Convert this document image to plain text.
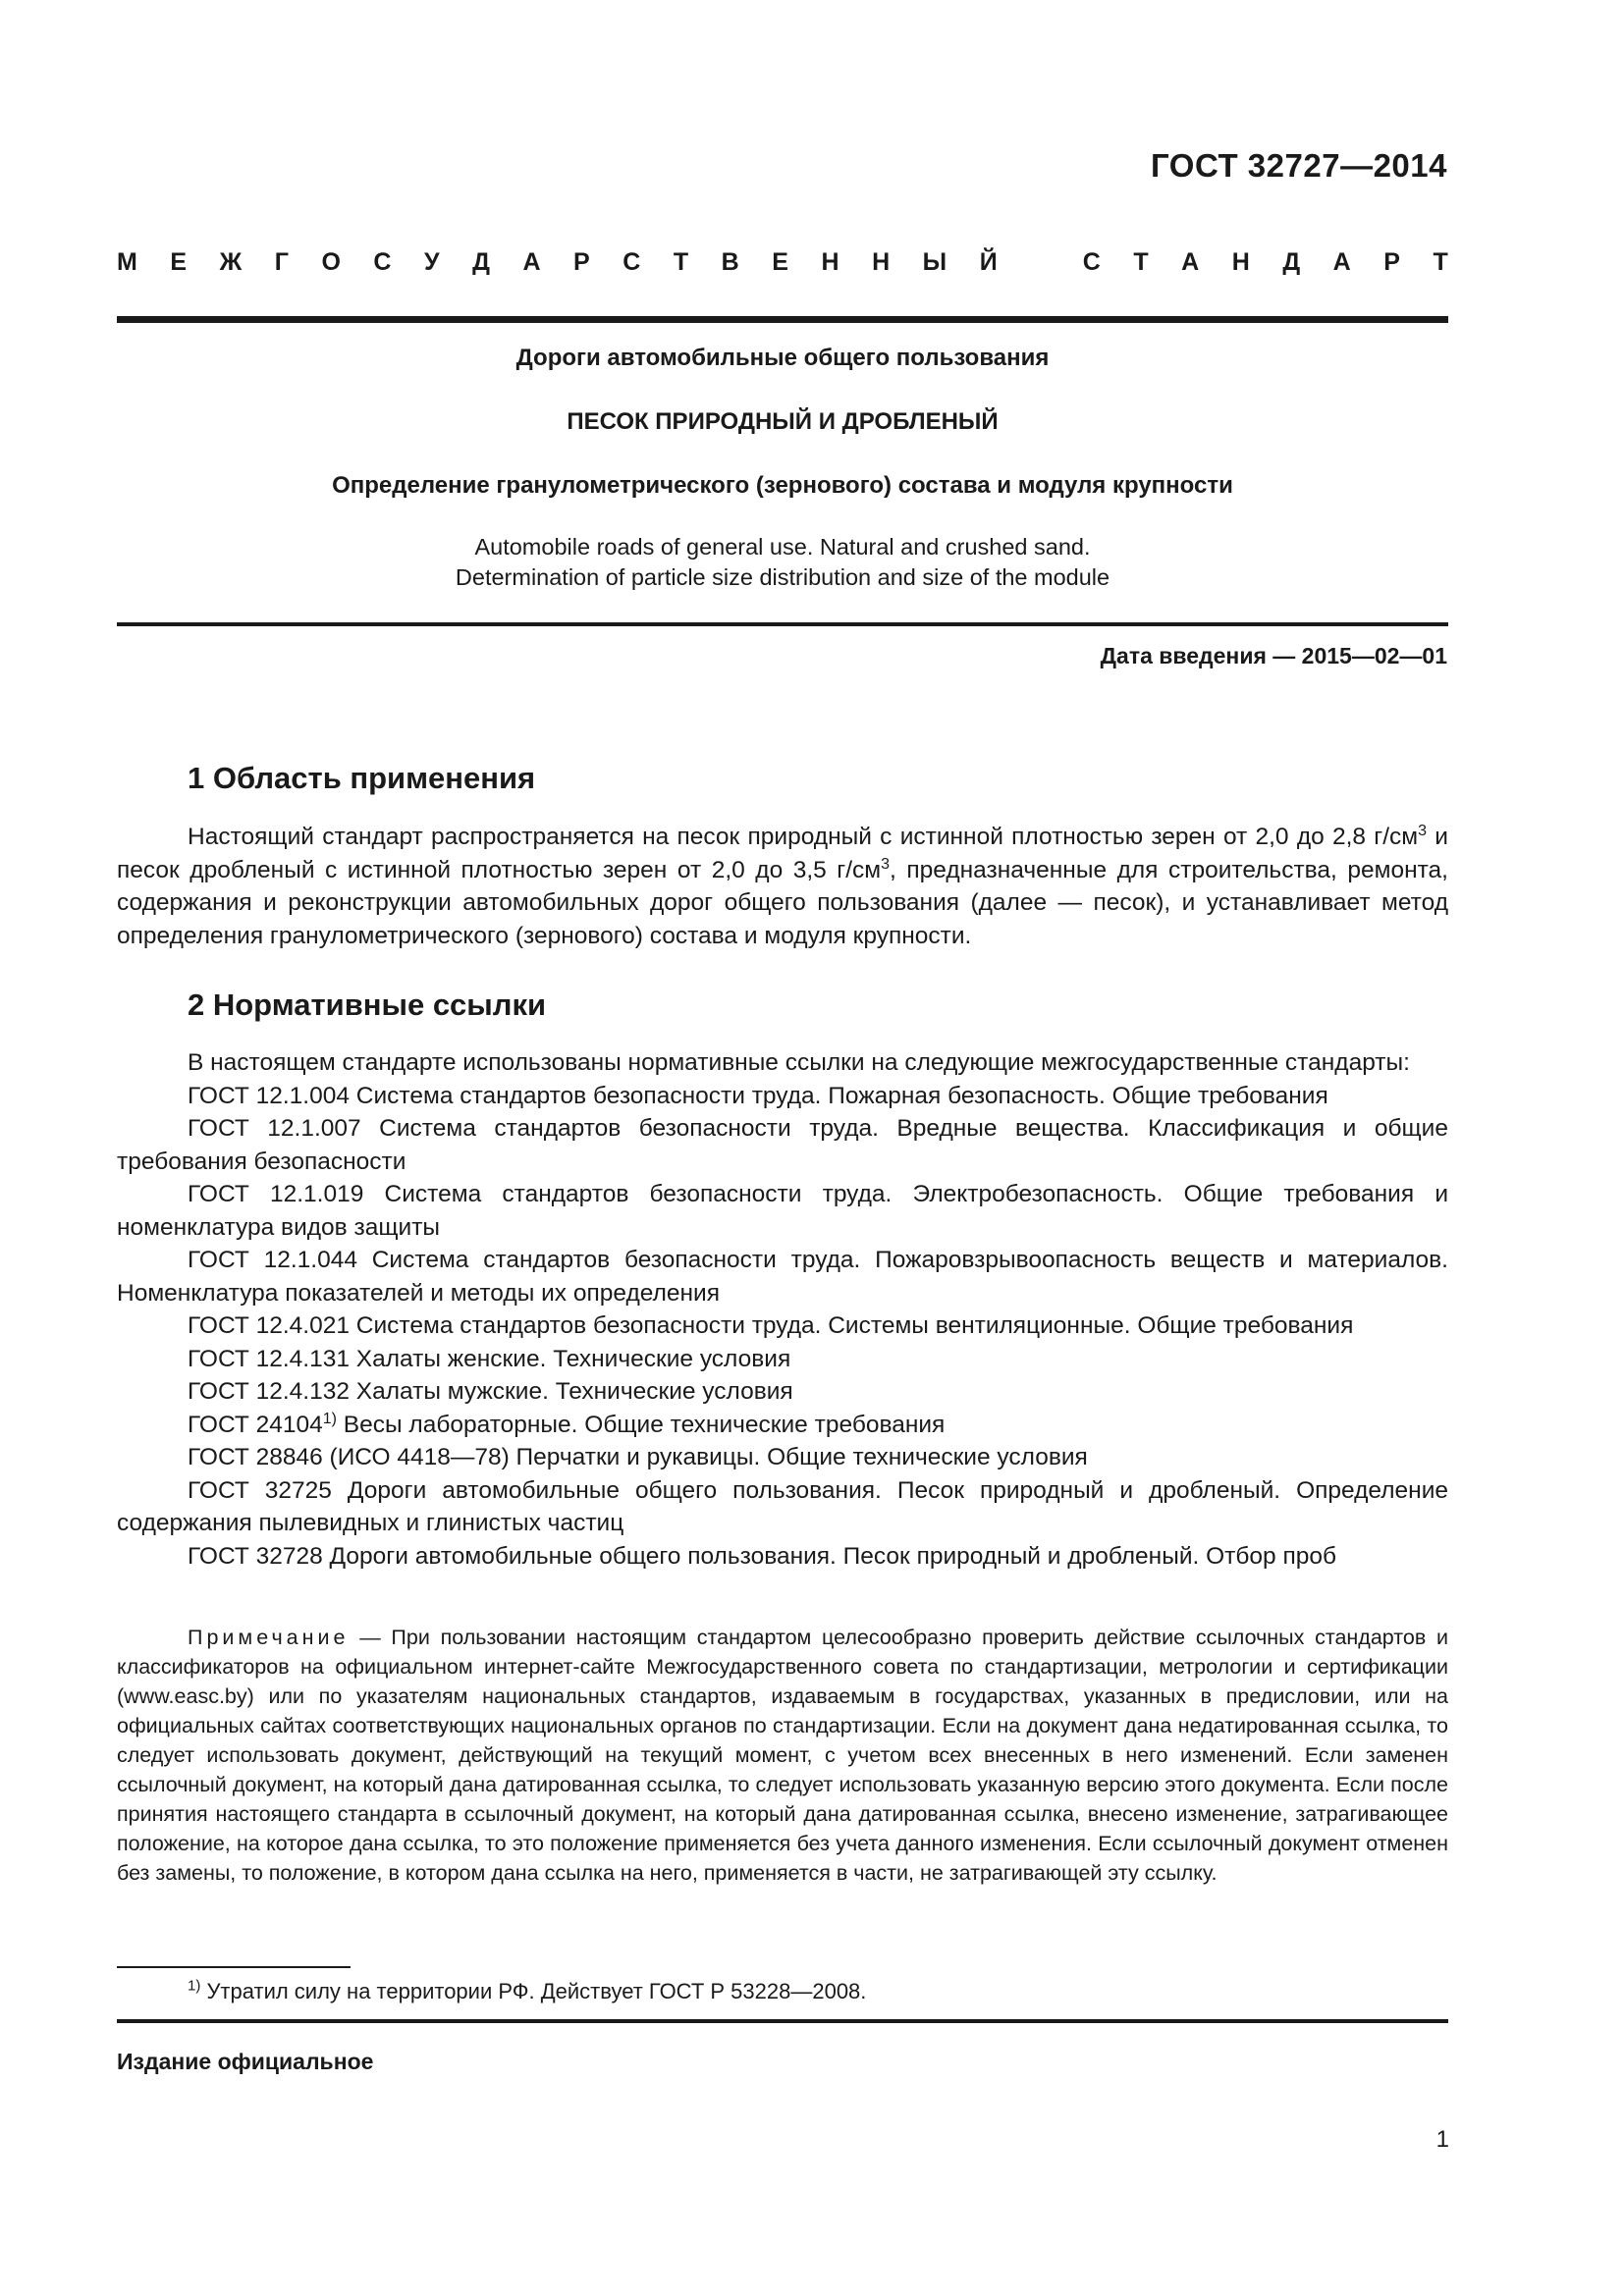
ГОСТ 32727—2014
М Е Ж Г О С У Д А Р С Т В Е Н Н Ы Й	С Т А Н Д А Р Т
Дороги автомобильные общего пользования
ПЕСОК ПРИРОДНЫЙ И ДРОБЛЕНЫЙ
Определение гранулометрического (зернового) состава и модуля крупности
Automobile roads of general use. Natural and crushed sand.
Determination of particle size distribution and size of the module
Дата введения — 2015—02—01
1 Область применения
Настоящий стандарт распространяется на песок природный с истинной плотностью зерен от 2,0 до 2,8 $г/см^3$ и песок дробленый с истинной плотностью зерен от 2,0 до 3,5 $г/см^3$, предназначенные для строительства, ремонта, содержания и реконструкции автомобильных дорог общего пользования (далее — песок), и устанавливает метод определения гранулометрического (зернового) состава и модуля крупности.
2 Нормативные ссылки
В настоящем стандарте использованы нормативные ссылки на следующие межгосударственные стандарты:
ГОСТ 12.1.004 Система стандартов безопасности труда. Пожарная безопасность. Общие требования
ГОСТ 12.1.007 Система стандартов безопасности труда. Вредные вещества. Классификация и общие требования безопасности
ГОСТ 12.1.019 Система стандартов безопасности труда. Электробезопасность. Общие требования и номенклатура видов защиты
ГОСТ 12.1.044 Система стандартов безопасности труда. Пожаровзрывоопасность веществ и материалов. Номенклатура показателей и методы их определения
ГОСТ 12.4.021 Система стандартов безопасности труда. Системы вентиляционные. Общие требования
ГОСТ 12.4.131 Халаты женские. Технические условия
ГОСТ 12.4.132 Халаты мужские. Технические условия
ГОСТ 24104$^{1)}$ Весы лабораторные. Общие технические требования
ГОСТ 28846 (ИСО 4418—78) Перчатки и рукавицы. Общие технические условия
ГОСТ 32725 Дороги автомобильные общего пользования. Песок природный и дробленый. Определение содержания пылевидных и глинистых частиц
ГОСТ 32728 Дороги автомобильные общего пользования. Песок природный и дробленый. Отбор проб
Примечание — При пользовании настоящим стандартом целесообразно проверить действие ссылочных стандартов и классификаторов на официальном интернет-сайте Межгосударственного совета по стандартизации, метрологии и сертификации (www.easc.by) или по указателям национальных стандартов, издаваемым в государствах, указанных в предисловии, или на официальных сайтах соответствующих национальных органов по стандартизации. Если на документ дана недатированная ссылка, то следует использовать документ, действующий на текущий момент, с учетом всех внесенных в него изменений. Если заменен ссылочный документ, на который дана датированная ссылка, то следует использовать указанную версию этого документа. Если после принятия настоящего стандарта в ссылочный документ, на который дана датированная ссылка, внесено изменение, затрагивающее положение, на которое дана ссылка, то это положение применяется без учета данного изменения. Если ссылочный документ отменен без замены, то положение, в котором дана ссылка на него, применяется в части, не затрагивающей эту ссылку.
$^{1)}$ Утратил силу на территории РФ. Действует ГОСТ Р 53228—2008.
Издание официальное
1
